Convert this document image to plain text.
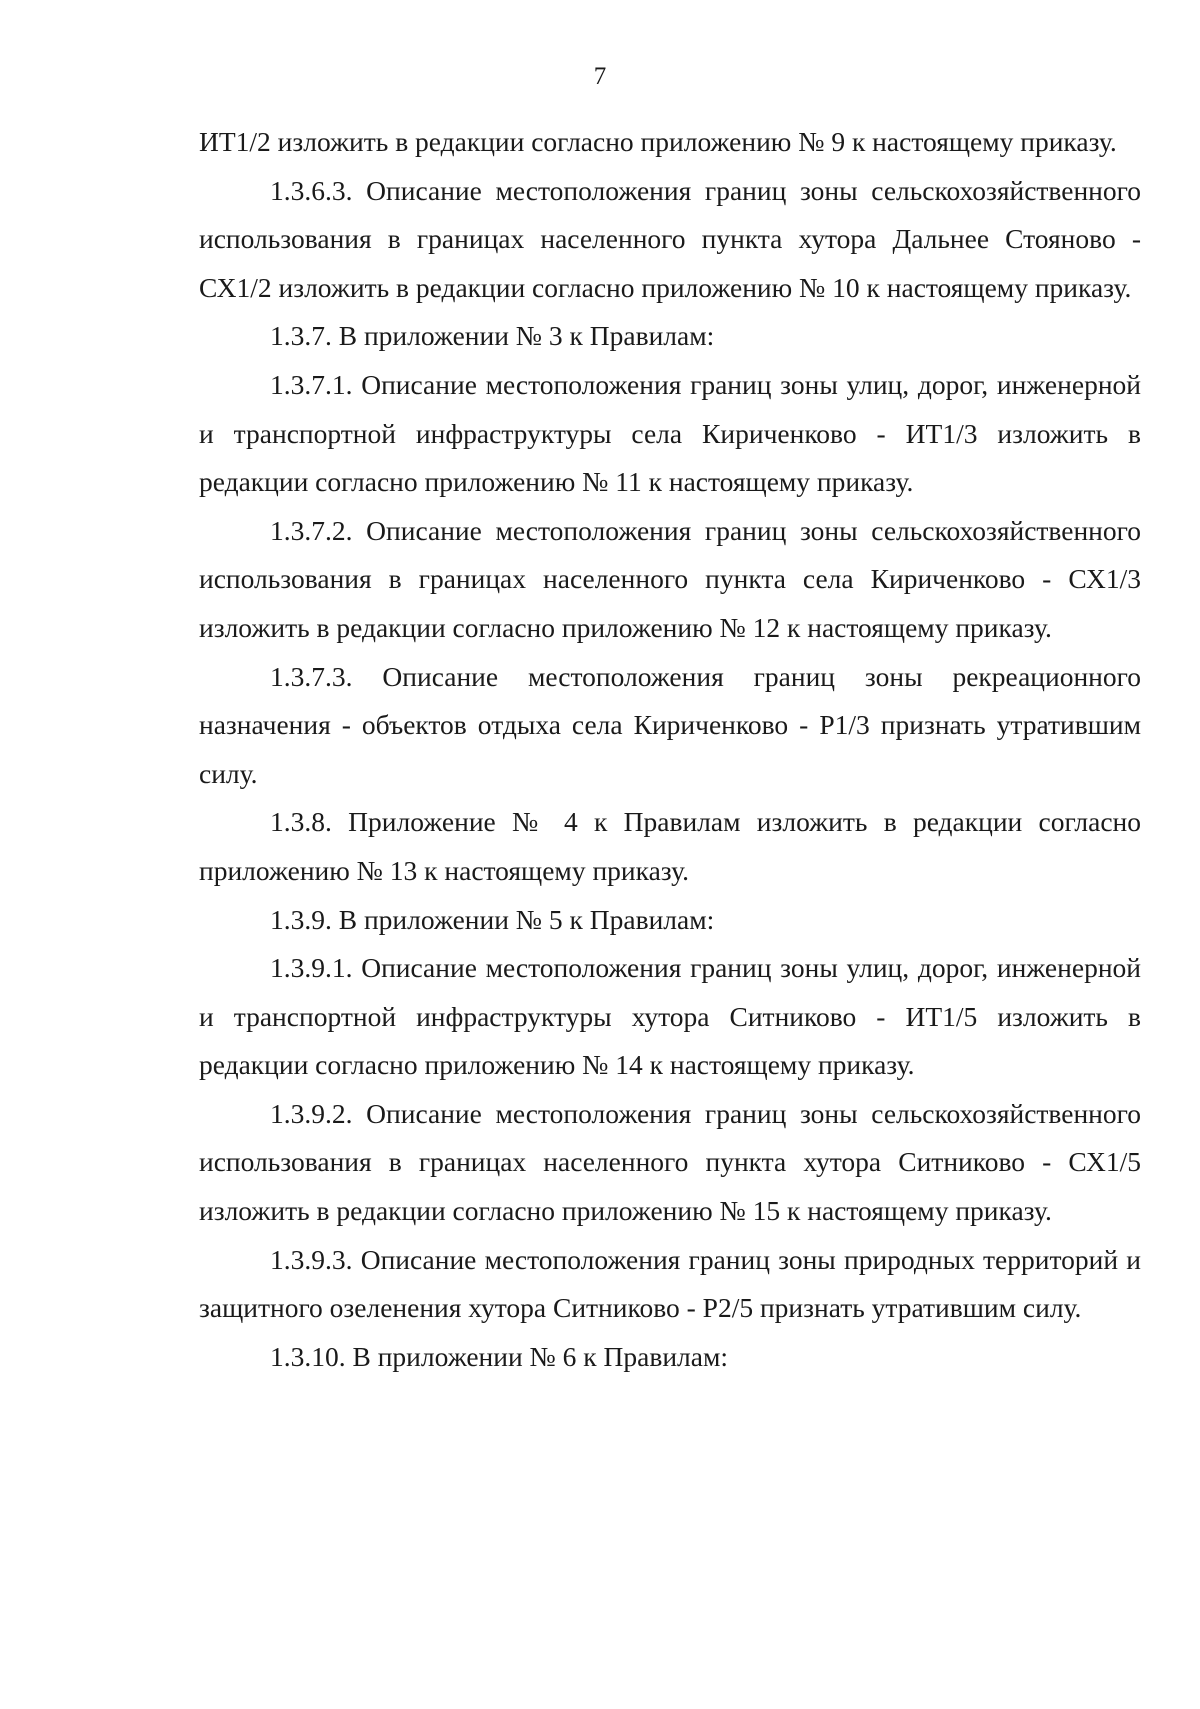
7

ИТ1/2 изложить в редакции согласно приложению № 9 к настоящему приказу.

1.3.6.3. Описание местоположения границ зоны сельскохозяйственного использования в границах населенного пункта хутора Дальнее Стояново - СХ1/2 изложить в редакции согласно приложению № 10 к настоящему приказу.

1.3.7. В приложении № 3 к Правилам:

1.3.7.1. Описание местоположения границ зоны улиц, дорог, инженерной и транспортной инфраструктуры села Кириченково - ИТ1/3 изложить в редакции согласно приложению № 11 к настоящему приказу.

1.3.7.2. Описание местоположения границ зоны сельскохозяйственного использования в границах населенного пункта села Кириченково - СХ1/3 изложить в редакции согласно приложению № 12 к настоящему приказу.

1.3.7.3. Описание местоположения границ зоны рекреационного назначения - объектов отдыха села Кириченково - Р1/3 признать утратившим силу.

1.3.8. Приложение № 4 к Правилам изложить в редакции согласно приложению № 13 к настоящему приказу.

1.3.9. В приложении № 5 к Правилам:

1.3.9.1. Описание местоположения границ зоны улиц, дорог, инженерной и транспортной инфраструктуры хутора Ситниково - ИТ1/5 изложить в редакции согласно приложению № 14 к настоящему приказу.

1.3.9.2. Описание местоположения границ зоны сельскохозяйственного использования в границах населенного пункта хутора Ситниково - СХ1/5 изложить в редакции согласно приложению № 15 к настоящему приказу.

1.3.9.3. Описание местоположения границ зоны природных территорий и защитного озеленения хутора Ситниково - Р2/5 признать утратившим силу.

1.3.10. В приложении № 6 к Правилам:
